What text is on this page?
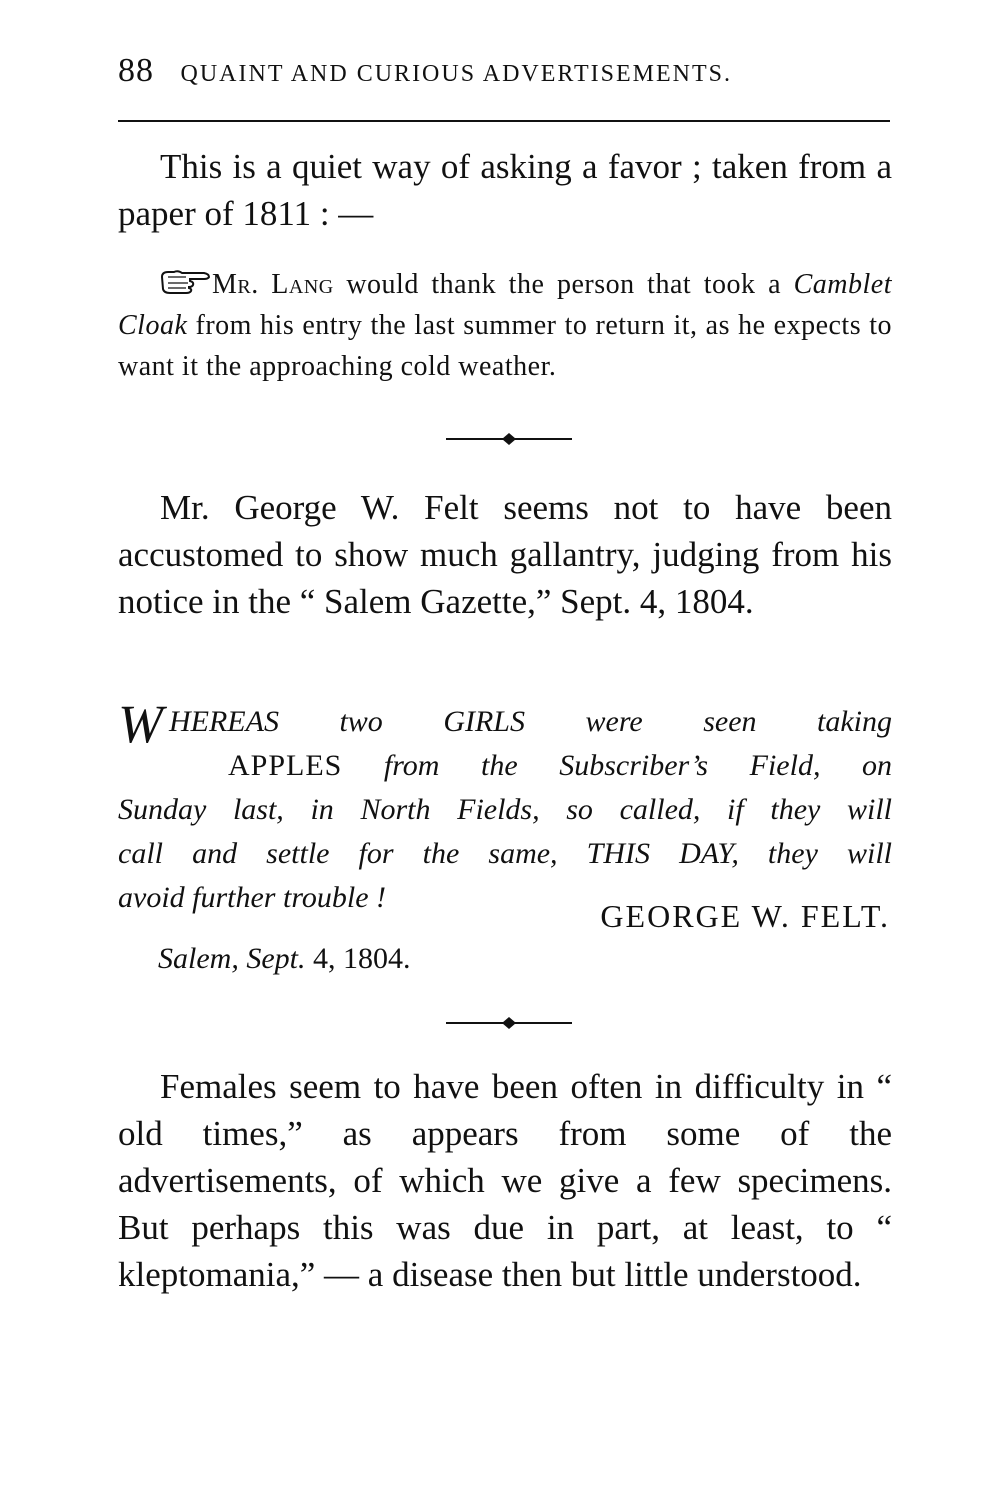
88 QUAINT AND CURIOUS ADVERTISEMENTS.

This is a quiet way of asking a favor ; taken from a paper of 1811 : —

Mr. Lang would thank the person that took a Camblet Cloak from his entry the last summer to return it, as he expects to want it the approaching cold weather.

Mr. George W. Felt seems not to have been accustomed to show much gallantry, judging from his notice in the “ Salem Gazette,” Sept. 4, 1804.

W HEREAS two GIRLS were seen taking
APPLES from the Subscriber’s Field, on
Sunday last, in North Fields, so called, if they will
call and settle for the same, THIS DAY, they will
avoid further trouble !
GEORGE W. FELT.
Salem, Sept. 4, 1804.

Females seem to have been often in difficulty in “ old times,” as appears from some of the advertisements, of which we give a few specimens. But perhaps this was due in part, at least, to “ kleptomania,” — a disease then but little understood.
